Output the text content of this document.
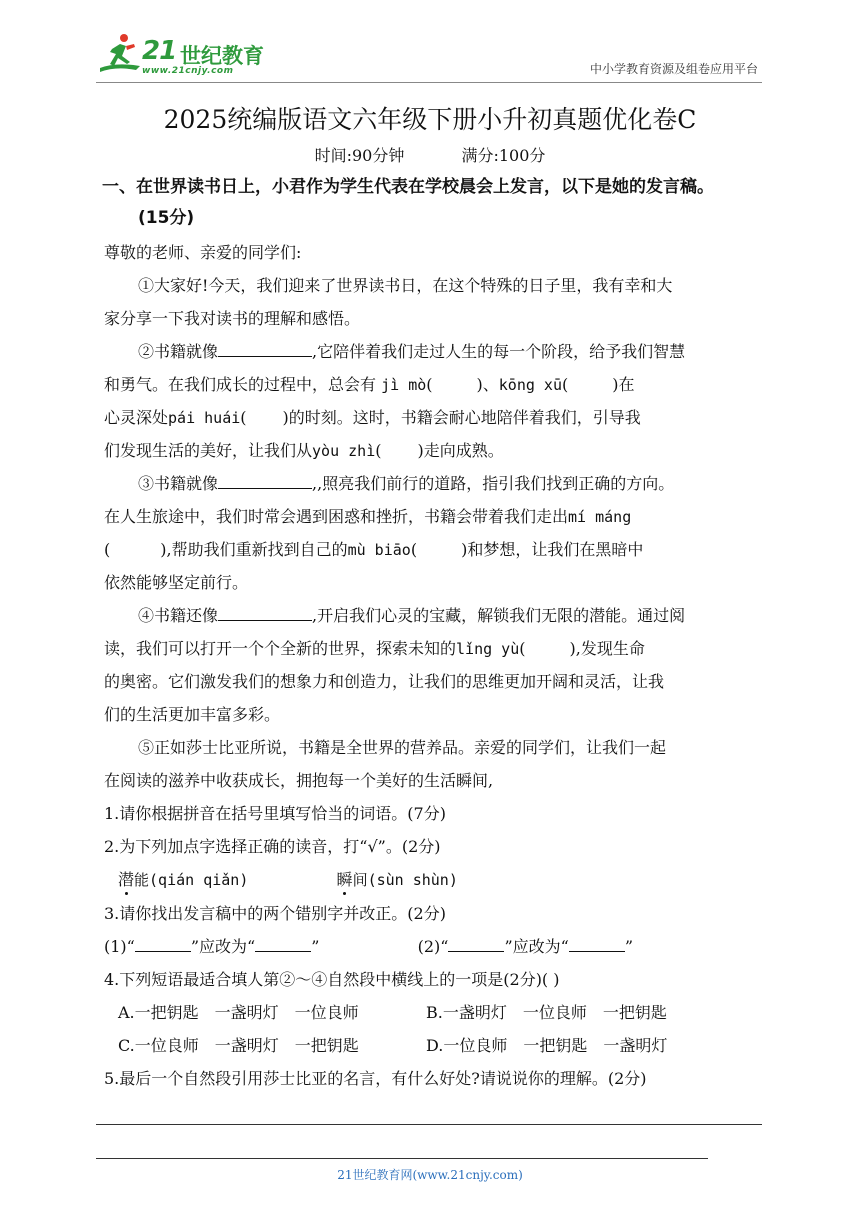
21 世纪教育
www.21cnjy.com	中小学教育资源及组卷应用平台
2025统编版语文六年级下册小升初真题优化卷C
时间:90分钟	满分:100分
一、在世界读书日上，小君作为学生代表在学校晨会上发言，以下是她的发言稿。
(15分)
尊敬的老师、亲爱的同学们:
①大家好!今天，我们迎来了世界读书日，在这个特殊的日子里，我有幸和大
家分享一下我对读书的理解和感悟。
②书籍就像	,它陪伴着我们走过人生的每一个阶段，给予我们智慧
和勇气。在我们成长的过程中，总会有 jì mò(	)、kōng xū(	)在
心灵深处pái huái( )的时刻。这时，书籍会耐心地陪伴着我们，引导我
们发现生活的美好，让我们从yòu zhì( )走向成熟。
③书籍就像	,,照亮我们前行的道路，指引我们找到正确的方向。
在人生旅途中，我们时常会遇到困惑和挫折，书籍会带着我们走出mí máng
(	),帮助我们重新找到自己的mù biāo(	)和梦想，让我们在黑暗中
依然能够坚定前行。
④书籍还像	,开启我们心灵的宝藏，解锁我们无限的潜能。通过阅
读，我们可以打开一个个全新的世界，探索未知的lǐng yù(	),发现生命
的奥密。它们激发我们的想象力和创造力，让我们的思维更加开阔和灵活，让我
们的生活更加丰富多彩。
⑤正如莎士比亚所说，书籍是全世界的营养品。亲爱的同学们，让我们一起
在阅读的滋养中收获成长，拥抱每一个美好的生活瞬间,
1.请你根据拼音在括号里填写恰当的词语。(7分)
2.为下列加点字选择正确的读音，打“√”。(2分)
潜能(qián qiǎn)	瞬间(sùn shùn)
3.请你找出发言稿中的两个错别字并改正。(2分)
(1)“	”应改为“	”	(2)“	”应改为“	”
4.下列短语最适合填人第②～④自然段中横线上的一项是(2分)( )
A.一把钥匙　一盏明灯　一位良师	B.一盏明灯　一位良师　一把钥匙
C.一位良师　一盏明灯　一把钥匙	D.一位良师　一把钥匙　一盏明灯
5.最后一个自然段引用莎士比亚的名言，有什么好处?请说说你的理解。(2分)
21世纪教育网(www.21cnjy.com)
